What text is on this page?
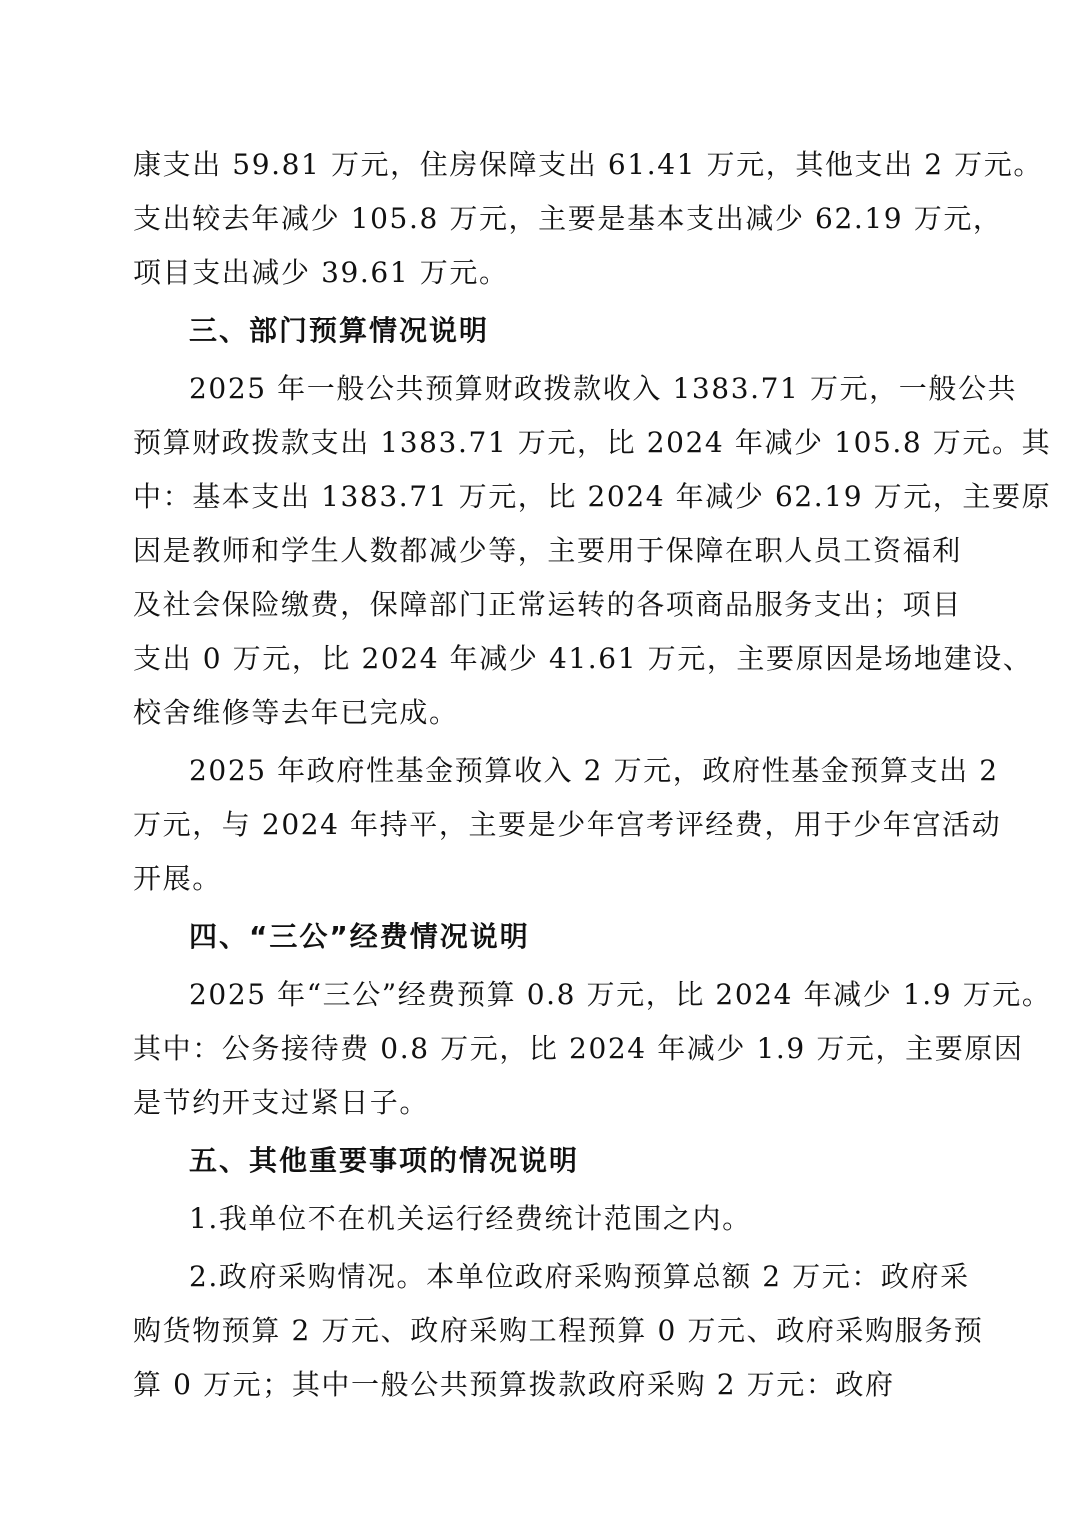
康支出 59.81 万元，住房保障支出 61.41 万元，其他支出 2 万元。
支出较去年减少 105.8 万元，主要是基本支出减少 62.19 万元，
项目支出减少 39.61 万元。
三、部门预算情况说明
2025 年一般公共预算财政拨款收入 1383.71 万元，一般公共
预算财政拨款支出 1383.71 万元，比 2024 年减少 105.8 万元。其
中：基本支出 1383.71 万元，比 2024 年减少 62.19 万元，主要原
因是教师和学生人数都减少等，主要用于保障在职人员工资福利
及社会保险缴费，保障部门正常运转的各项商品服务支出；项目
支出 0 万元，比 2024 年减少 41.61 万元，主要原因是场地建设、
校舍维修等去年已完成。
2025 年政府性基金预算收入 2 万元，政府性基金预算支出 2
万元，与 2024 年持平，主要是少年宫考评经费，用于少年宫活动
开展。
四、“三公”经费情况说明
2025 年“三公”经费预算 0.8 万元，比 2024 年减少 1.9 万元。
其中：公务接待费 0.8 万元，比 2024 年减少 1.9 万元，主要原因
是节约开支过紧日子。
五、其他重要事项的情况说明
1.我单位不在机关运行经费统计范围之内。
2.政府采购情况。本单位政府采购预算总额 2 万元：政府采
购货物预算 2 万元、政府采购工程预算 0 万元、政府采购服务预
算 0 万元；其中一般公共预算拨款政府采购 2 万元：政府
